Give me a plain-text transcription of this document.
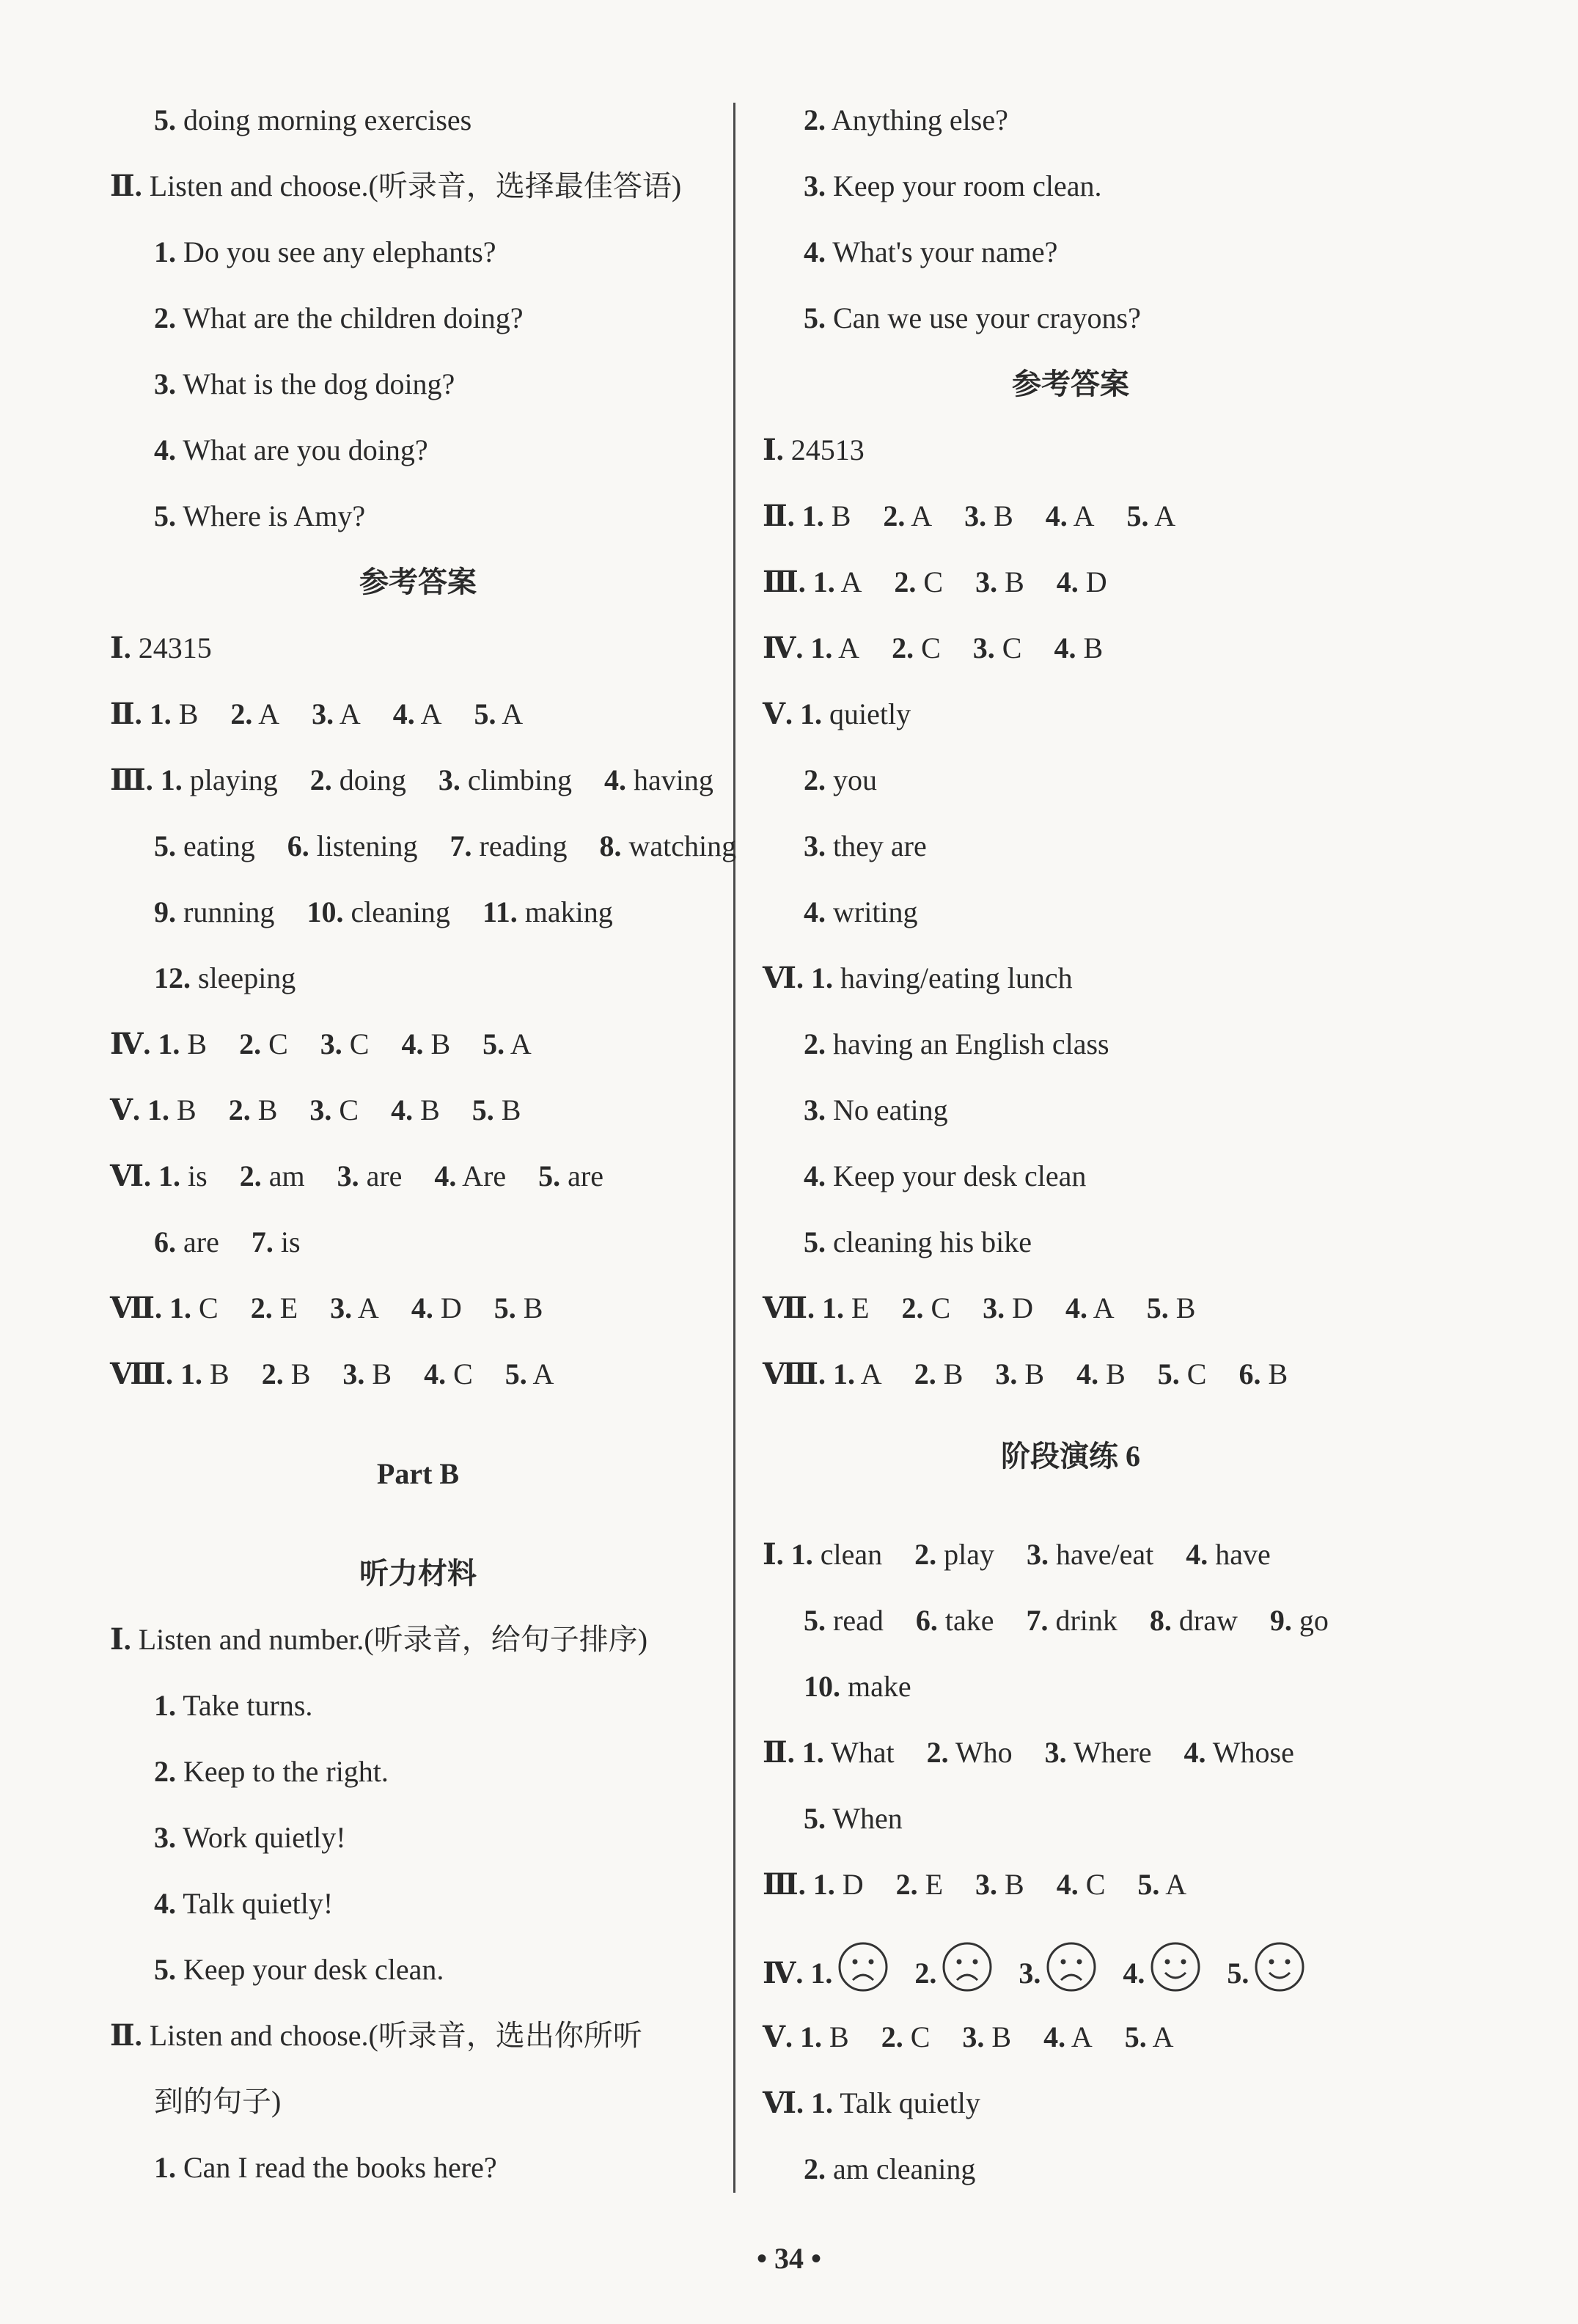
5. doing morning exercises
Ⅱ. Listen and choose.(听录音，选择最佳答语)
1. Do you see any elephants?
2. What are the children doing?
3. What is the dog doing?
4. What are you doing?
5. Where is Amy?
参考答案
Ⅰ. 24315
Ⅱ. 1. B 2. A 3. A 4. A 5. A
Ⅲ. 1. playing 2. doing 3. climbing 4. having
5. eating 6. listening 7. reading 8. watching
9. running 10. cleaning 11. making
12. sleeping
Ⅳ. 1. B 2. C 3. C 4. B 5. A
Ⅴ. 1. B 2. B 3. C 4. B 5. B
Ⅵ. 1. is 2. am 3. are 4. Are 5. are
6. are 7. is
Ⅶ. 1. C 2. E 3. A 4. D 5. B
Ⅷ. 1. B 2. B 3. B 4. C 5. A
Part B
听力材料
Ⅰ. Listen and number.(听录音，给句子排序)
1. Take turns.
2. Keep to the right.
3. Work quietly!
4. Talk quietly!
5. Keep your desk clean.
Ⅱ. Listen and choose.(听录音，选出你所听
到的句子)
1. Can I read the books here?
2. Anything else?
3. Keep your room clean.
4. What's your name?
5. Can we use your crayons?
参考答案
Ⅰ. 24513
Ⅱ. 1. B 2. A 3. B 4. A 5. A
Ⅲ. 1. A 2. C 3. B 4. D
Ⅳ. 1. A 2. C 3. C 4. B
Ⅴ. 1. quietly
2. you
3. they are
4. writing
Ⅵ. 1. having/eating lunch
2. having an English class
3. No eating
4. Keep your desk clean
5. cleaning his bike
Ⅶ. 1. E 2. C 3. D 4. A 5. B
Ⅷ. 1. A 2. B 3. B 4. B 5. C 6. B
阶段演练 6
Ⅰ. 1. clean 2. play 3. have/eat 4. have
5. read 6. take 7. drink 8. draw 9. go
10. make
Ⅱ. 1. What 2. Who 3. Where 4. Whose
5. When
Ⅲ. 1. D 2. E 3. B 4. C 5. A
Ⅳ. 1.	2.	3.	4.	5.
Ⅴ. 1. B 2. C 3. B 4. A 5. A
Ⅵ. 1. Talk quietly
2. am cleaning
• 34 •
